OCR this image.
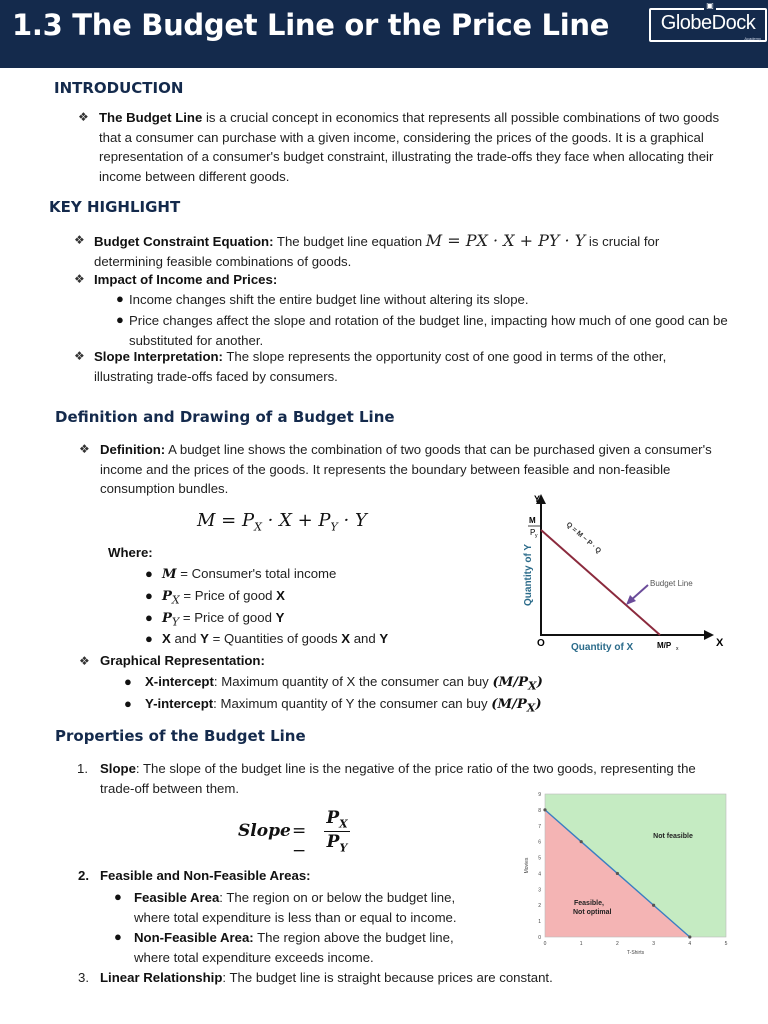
1.3 The Budget Line or the Price Line
▣
GlobeDock
Academy
INTRODUCTION
❖ The Budget Line is a crucial concept in economics that represents all possible combinations of two goods that a consumer can purchase with a given income, considering the prices of the goods. It is a graphical representation of a consumer's budget constraint, illustrating the trade-offs they face when allocating their income between different goods.
KEY HIGHLIGHT
❖ Budget Constraint Equation: The budget line equation M = PX · X + PY · Y is crucial for determining feasible combinations of goods.
❖ Impact of Income and Prices:
● Income changes shift the entire budget line without altering its slope.
● Price changes affect the slope and rotation of the budget line, impacting how much of one good can be substituted for another.
❖ Slope Interpretation: The slope represents the opportunity cost of one good in terms of the other, illustrating trade-offs faced by consumers.
Definition and Drawing of a Budget Line
❖ Definition: A budget line shows the combination of two goods that can be purchased given a consumer's income and the prices of the goods. It represents the boundary between feasible and non-feasible consumption bundles.
$M = P_X \cdot X + P_Y \cdot Y$
Where:
● M = Consumer's total income
● $P_X$ = Price of good X
● $P_Y$ = Price of good Y
● X and Y = Quantities of goods X and Y
❖ Graphical Representation:
● X-intercept: Maximum quantity of X the consumer can buy $(M/P_X)$
● Y-intercept: Maximum quantity of Y the consumer can buy $(M/P_X)$
Y
X
O
M
P y
M/P x
Quantity of Y
Quantity of X
Q = M − P · Q
Budget Line
Properties of the Budget Line
1. Slope: The slope of the budget line is the negative of the price ratio of the two goods, representing the trade-off between them.
Slope = −
$P_X$
$P_Y$
2. Feasible and Non-Feasible Areas:
● Feasible Area: The region on or below the budget line, where total expenditure is less than or equal to income.
● Non-Feasible Area: The region above the budget line, where total expenditure exceeds income.
3. Linear Relationship: The budget line is straight because prices are constant.
0	1	2	3	4	5
0
1
2
3
4
5
6
7
8
9
T-Shirts
Movies
Not feasible
Feasible,
Not optimal
